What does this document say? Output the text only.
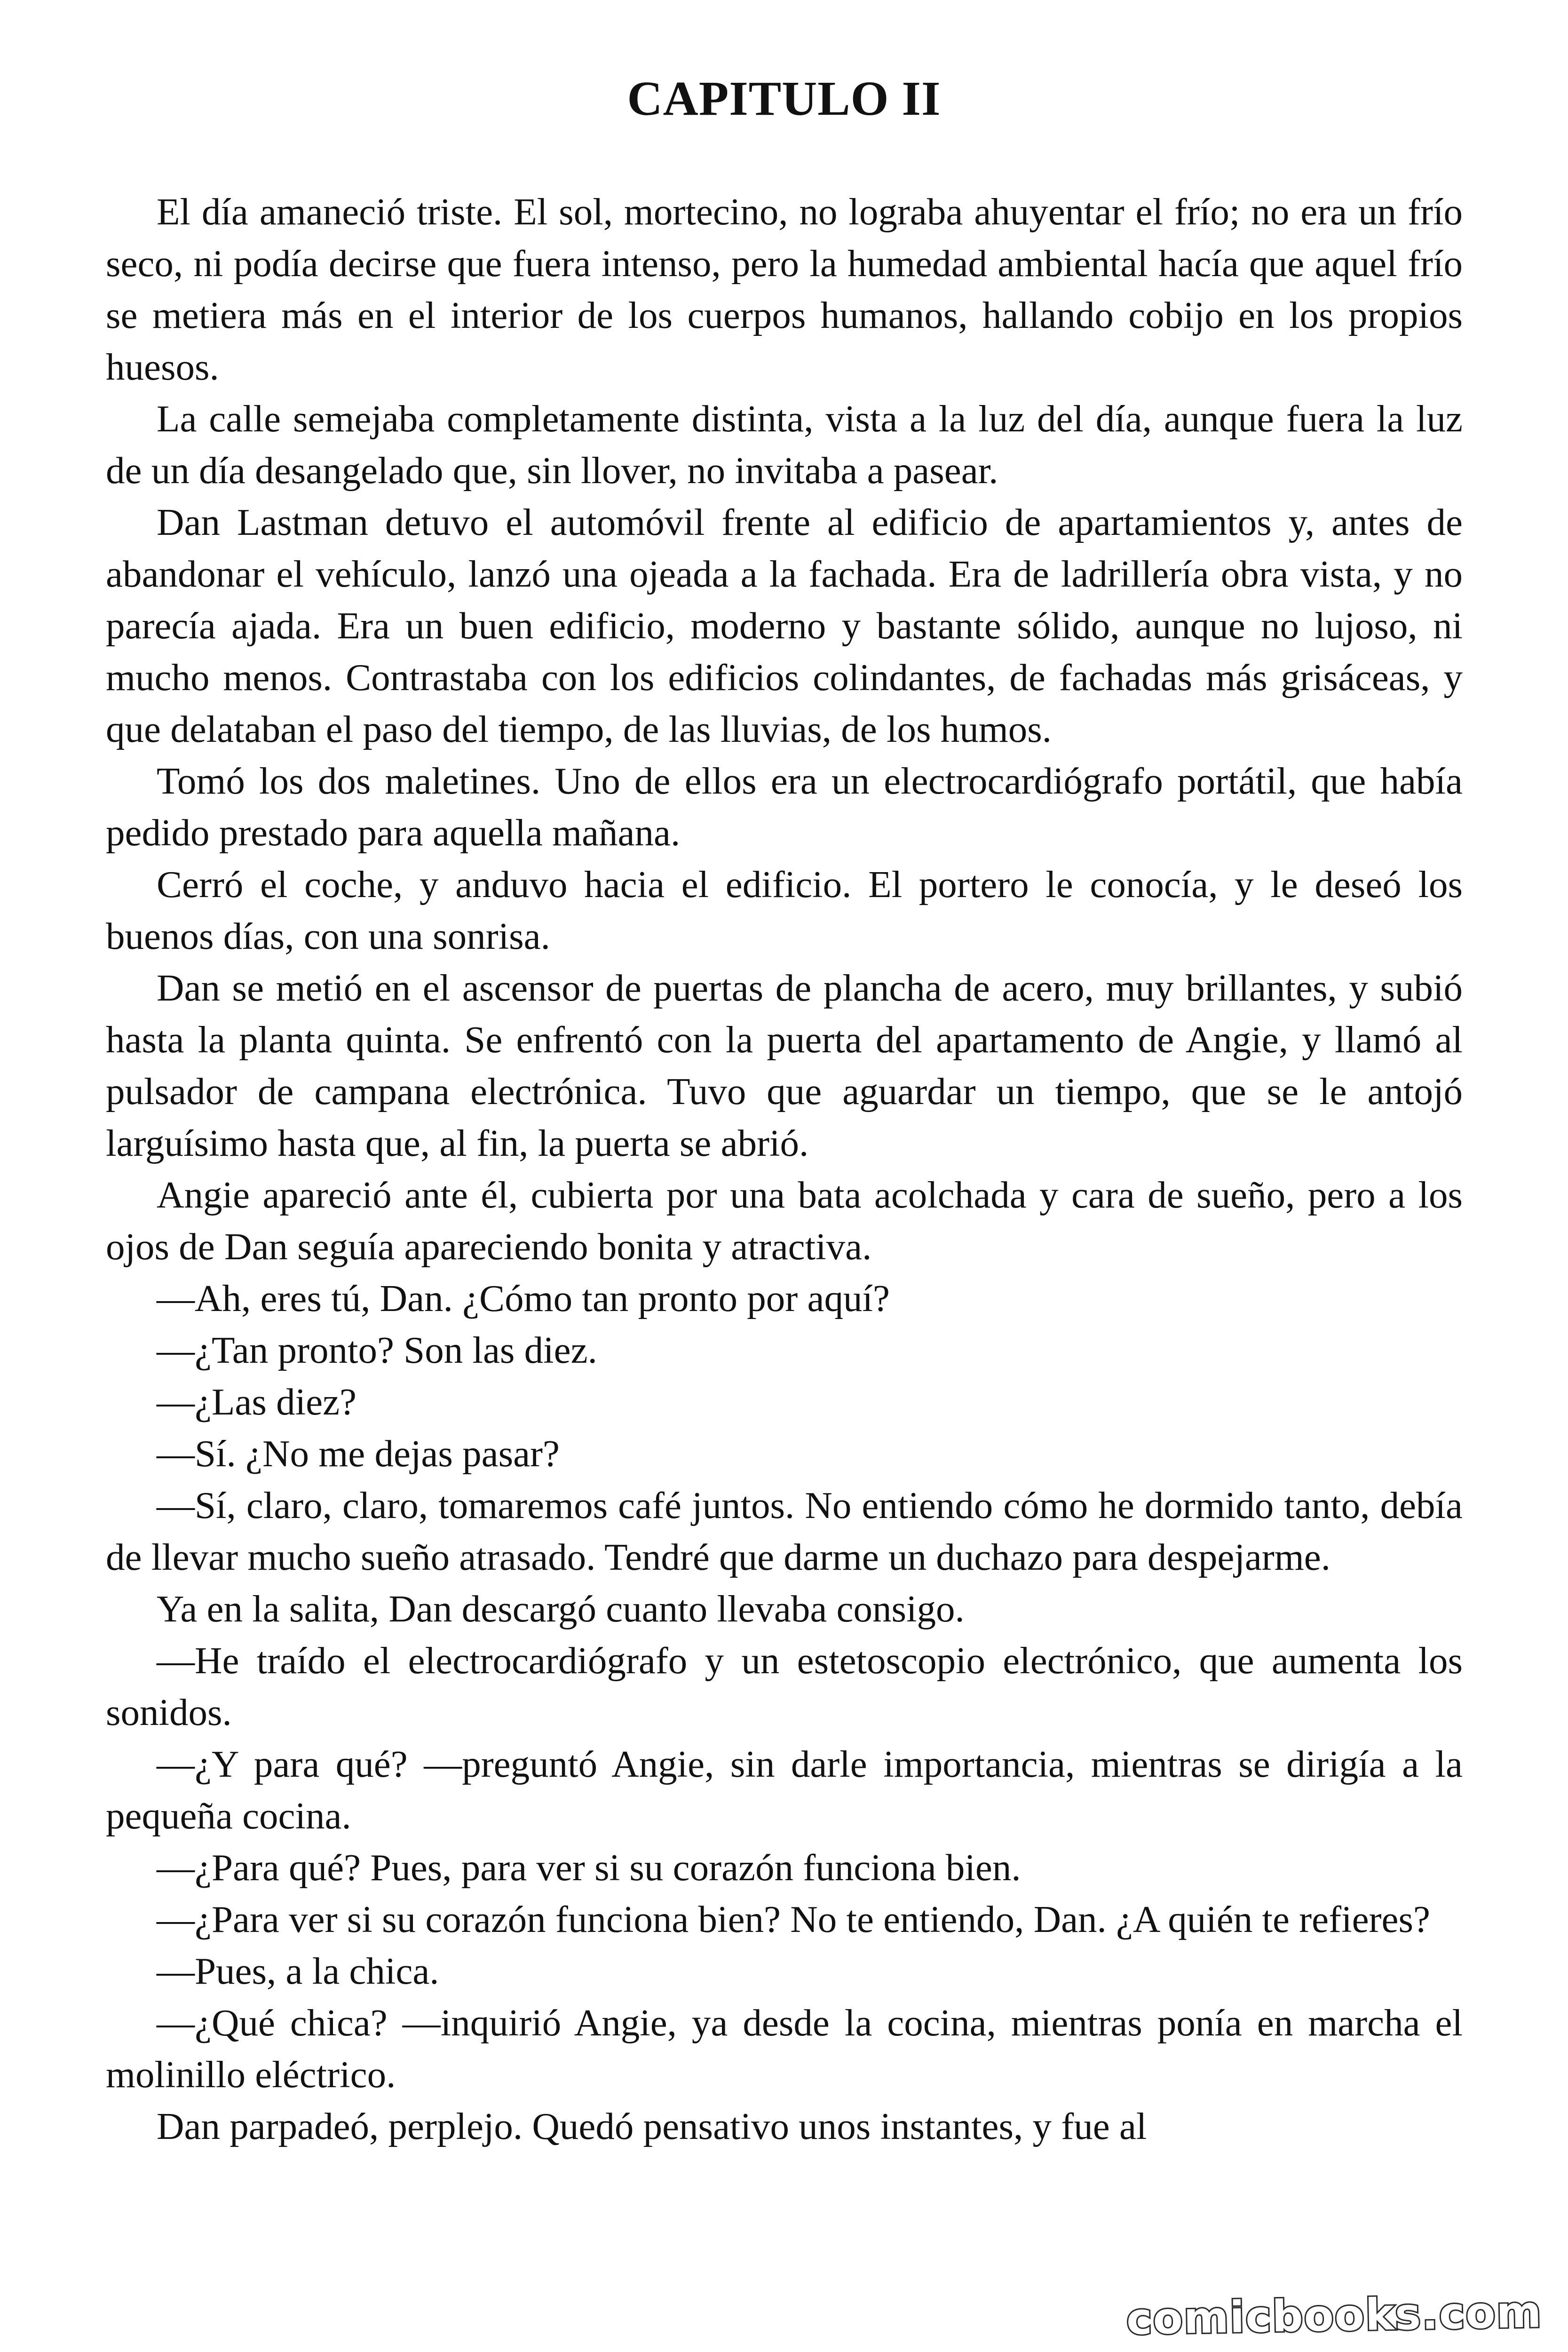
CAPITULO II

El día amaneció triste. El sol, mortecino, no lograba ahuyentar el frío; no era un frío seco, ni podía decirse que fuera intenso, pero la humedad ambiental hacía que aquel frío se metiera más en el interior de los cuerpos humanos, hallando cobijo en los propios huesos.

La calle semejaba completamente distinta, vista a la luz del día, aunque fuera la luz de un día desangelado que, sin llover, no invitaba a pasear.

Dan Lastman detuvo el automóvil frente al edificio de apartamientos y, antes de abandonar el vehículo, lanzó una ojeada a la fachada. Era de ladrillería obra vista, y no parecía ajada. Era un buen edificio, moderno y bastante sólido, aunque no lujoso, ni mucho menos. Contrastaba con los edificios colindantes, de fachadas más grisáceas, y que delataban el paso del tiempo, de las lluvias, de los humos.

Tomó los dos maletines. Uno de ellos era un electrocardiógrafo portátil, que había pedido prestado para aquella mañana.

Cerró el coche, y anduvo hacia el edificio. El portero le conocía, y le deseó los buenos días, con una sonrisa.

Dan se metió en el ascensor de puertas de plancha de acero, muy brillantes, y subió hasta la planta quinta. Se enfrentó con la puerta del apartamento de Angie, y llamó al pulsador de campana electrónica. Tuvo que aguardar un tiempo, que se le antojó larguísimo hasta que, al fin, la puerta se abrió.

Angie apareció ante él, cubierta por una bata acolchada y cara de sueño, pero a los ojos de Dan seguía apareciendo bonita y atractiva.

—Ah, eres tú, Dan. ¿Cómo tan pronto por aquí?

—¿Tan pronto? Son las diez.

—¿Las diez?

—Sí. ¿No me dejas pasar?

—Sí, claro, claro, tomaremos café juntos. No entiendo cómo he dormido tanto, debía de llevar mucho sueño atrasado. Tendré que darme un duchazo para despejarme.

Ya en la salita, Dan descargó cuanto llevaba consigo.

—He traído el electrocardiógrafo y un estetoscopio electrónico, que aumenta los sonidos.

—¿Y para qué? —preguntó Angie, sin darle importancia, mientras se dirigía a la pequeña cocina.

—¿Para qué? Pues, para ver si su corazón funciona bien.

—¿Para ver si su corazón funciona bien? No te entiendo, Dan. ¿A quién te refieres?

—Pues, a la chica.

—¿Qué chica? —inquirió Angie, ya desde la cocina, mientras ponía en marcha el molinillo eléctrico.

Dan parpadeó, perplejo. Quedó pensativo unos instantes, y fue al

comicbooks.com
